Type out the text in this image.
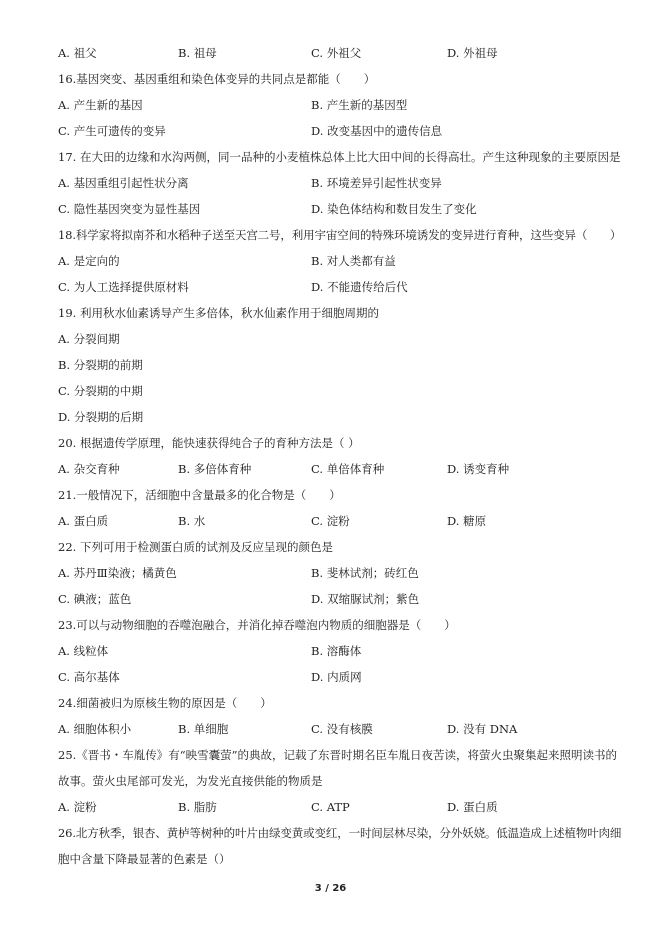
A. 祖父	B. 祖母	C. 外祖父	D. 外祖母
16.基因突变、基因重组和染色体变异的共同点是都能（　　）
A. 产生新的基因	B. 产生新的基因型
C. 产生可遗传的变异	D. 改变基因中的遗传信息
17. 在大田的边缘和水沟两侧，同一品种的小麦植株总体上比大田中间的长得高壮。产生这种现象的主要原因是
A. 基因重组引起性状分离	B. 环境差异引起性状变异
C. 隐性基因突变为显性基因	D. 染色体结构和数目发生了变化
18.科学家将拟南芥和水稻种子送至天宫二号，利用宇宙空间的特殊环境诱发的变异进行育种，这些变异（　　）
A. 是定向的	B. 对人类都有益
C. 为人工选择提供原材料	D. 不能遗传给后代
19. 利用秋水仙素诱导产生多倍体，秋水仙素作用于细胞周期的
A. 分裂间期
B. 分裂期的前期
C. 分裂期的中期
D. 分裂期的后期
20. 根据遗传学原理，能快速获得纯合子的育种方法是（ ）
A. 杂交育种	B. 多倍体育种	C. 单倍体育种	D. 诱变育种
21.一般情况下，活细胞中含量最多的化合物是（　　）
A. 蛋白质	B. 水	C. 淀粉	D. 糖原
22. 下列可用于检测蛋白质的试剂及反应呈现的颜色是
A. 苏丹Ⅲ染液；橘黄色	B. 斐林试剂；砖红色
C. 碘液；蓝色	D. 双缩脲试剂；紫色
23.可以与动物细胞的吞噬泡融合，并消化掉吞噬泡内物质的细胞器是（　　）
A. 线粒体	B. 溶酶体
C. 高尔基体	D. 内质网
24.细菌被归为原核生物的原因是（　　）
A. 细胞体积小	B. 单细胞	C. 没有核膜	D. 没有 DNA
25.《晋书・车胤传》有“映雪囊萤”的典故，记载了东晋时期名臣车胤日夜苦读，将萤火虫聚集起来照明读书的
故事。萤火虫尾部可发光，为发光直接供能的物质是
A. 淀粉	B. 脂肪	C. ATP	D. 蛋白质
26.北方秋季，银杏、黄栌等树种的叶片由绿变黄或变红，一时间层林尽染，分外妖娆。低温造成上述植物叶肉细
胞中含量下降最显著的色素是（）
3 / 26
